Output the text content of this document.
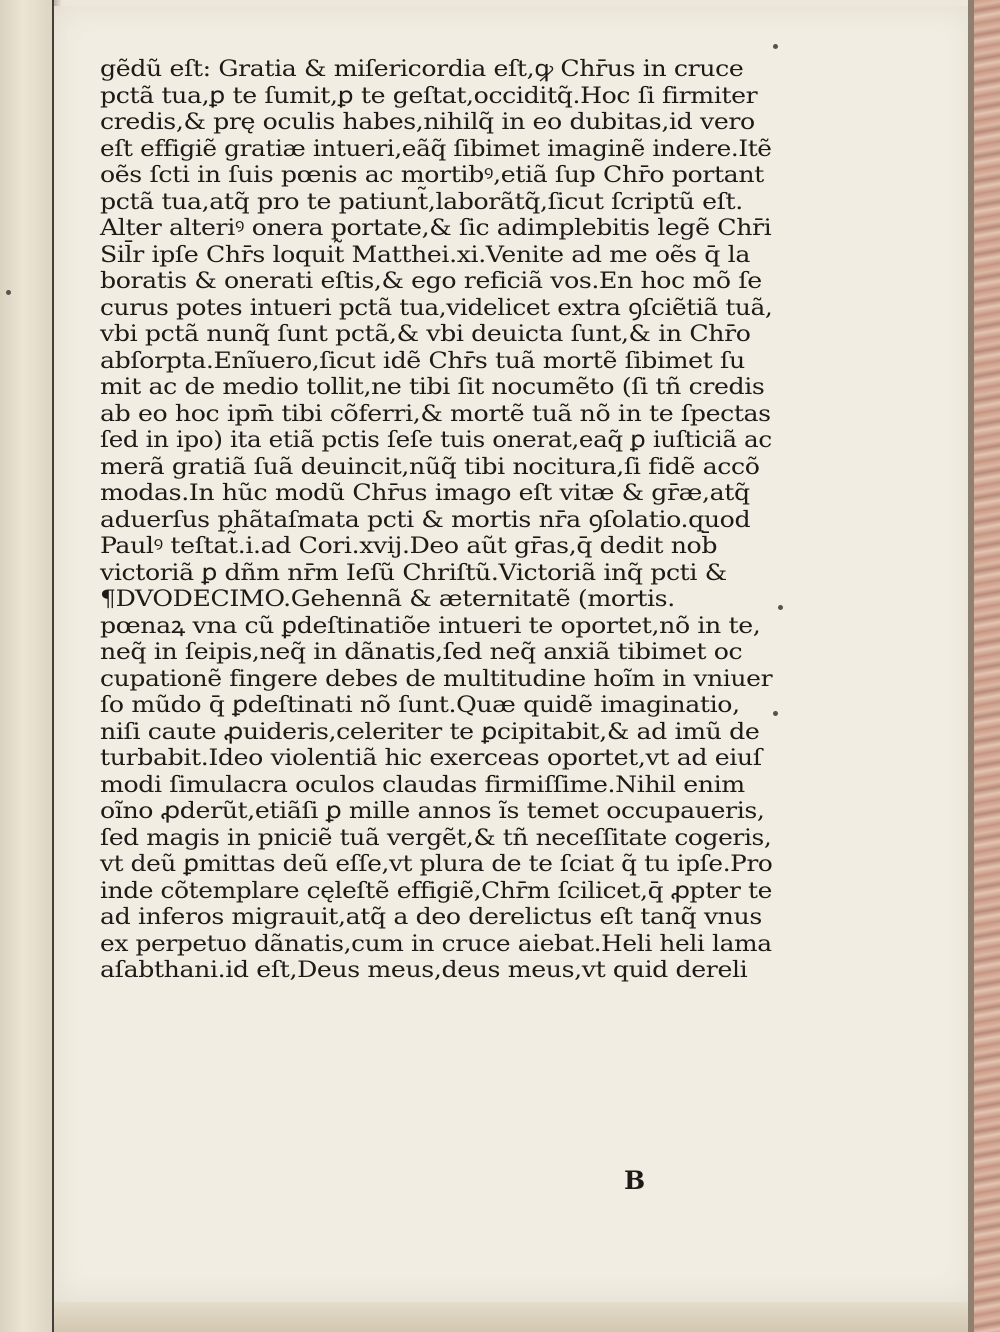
gẽdũ eſt: Gratia & miſericordia eſt,ꝙ Chr̄us in cruce
pctã tua,ꝑ te ſumit,ꝑ te geſtat,occiditq̃.Hoc ſi firmiter
credis,& prę oculis habes,nihilq̃ in eo dubitas,id vero
eſt effigiẽ gratiæ intueri,eãq̃ ſibimet imaginẽ indere.Itẽ
oẽs ſcti in ſuis pœnis ac mortibꝰ,etiã ſup Chr̄o portant
pctã tua,atq̃ pro te patiunt̃,laborãtq̃,ſicut ſcriptũ eſt.
Alter alteriꝰ onera portate,& ſic adimplebitis legẽ Chr̄i
Sil̄r ipſe Chr̄s loquit̃ Matthei.xi.Venite ad me oẽs q̄ la
boratis & onerati eſtis,& ego reficiã vos.En hoc mõ ſe
curus potes intueri pctã tua,videlicet extra ꝯſciẽtiã tuã,
vbi pctã nunq̃ ſunt pctã,& vbi deuicta ſunt,& in Chr̄o
abſorpta.Enĩuero,ſicut idẽ Chr̄s tuã mortẽ ſibimet ſu
mit ac de medio tollit,ne tibi ſit nocumẽto (ſi tñ credis
ab eo hoc ipm̄ tibi cõferri,& mortẽ tuã nõ in te ſpectas
ſed in ipo) ita etiã pctis ſeſe tuis onerat,eaq̃ ꝑ iuſticiã ac
merã gratiã ſuã deuincit,nũq̃ tibi nocitura,ſi fidẽ accõ
modas.In hũc modũ Chr̄us imago eſt vitæ & gr̄æ,atq̃
aduerſus phãtaſmata pcti & mortis nr̄a ꝯſolatio.quod
Paulꝰ teſtat̃.i.ad Cori.xvij.Deo aũt gr̄as,q̄ dedit nob̄
victoriã ꝑ dñm nr̄m Ieſũ Chriſtũ.Victoriã inq̃ pcti &
¶DVODECIMO.Gehennã & æternitatẽ (mortis.
pœnaꝝ vna cũ ꝑdeſtinatiõe intueri te oportet,nõ in te,
neq̃ in ſeipis,neq̃ in dãnatis,ſed neq̃ anxiã tibimet oc
cupationẽ fingere debes de multitudine hoĩm in vniuer
ſo mũdo q̄ ꝑdeſtinati nõ ſunt.Quæ quidẽ imaginatio,
niſi caute ꝓuideris,celeriter te ꝑcipitabit,& ad imũ de
turbabit.Ideo violentiã hic exerceas oportet,vt ad eiuſ
modi ſimulacra oculos claudas firmiſſime.Nihil enim
oĩno ꝓderũt,etiãſi ꝑ mille annos ĩs temet occupaueris,
ſed magis in pniciẽ tuã vergẽt,& tñ neceſſitate cogeris,
vt deũ ꝑmittas deũ eſſe,vt plura de te ſciat q̃ tu ipſe.Pro
inde cõtemplare cęleſtẽ effigiẽ,Chr̄m ſcilicet,q̄ ꝓpter te
ad inferos migrauit,atq̃ a deo derelictus eſt tanq̃ vnus
ex perpetuo dãnatis,cum in cruce aiebat.Heli heli lama
aſabthani.id eſt,Deus meus,deus meus,vt quid dereli
B
